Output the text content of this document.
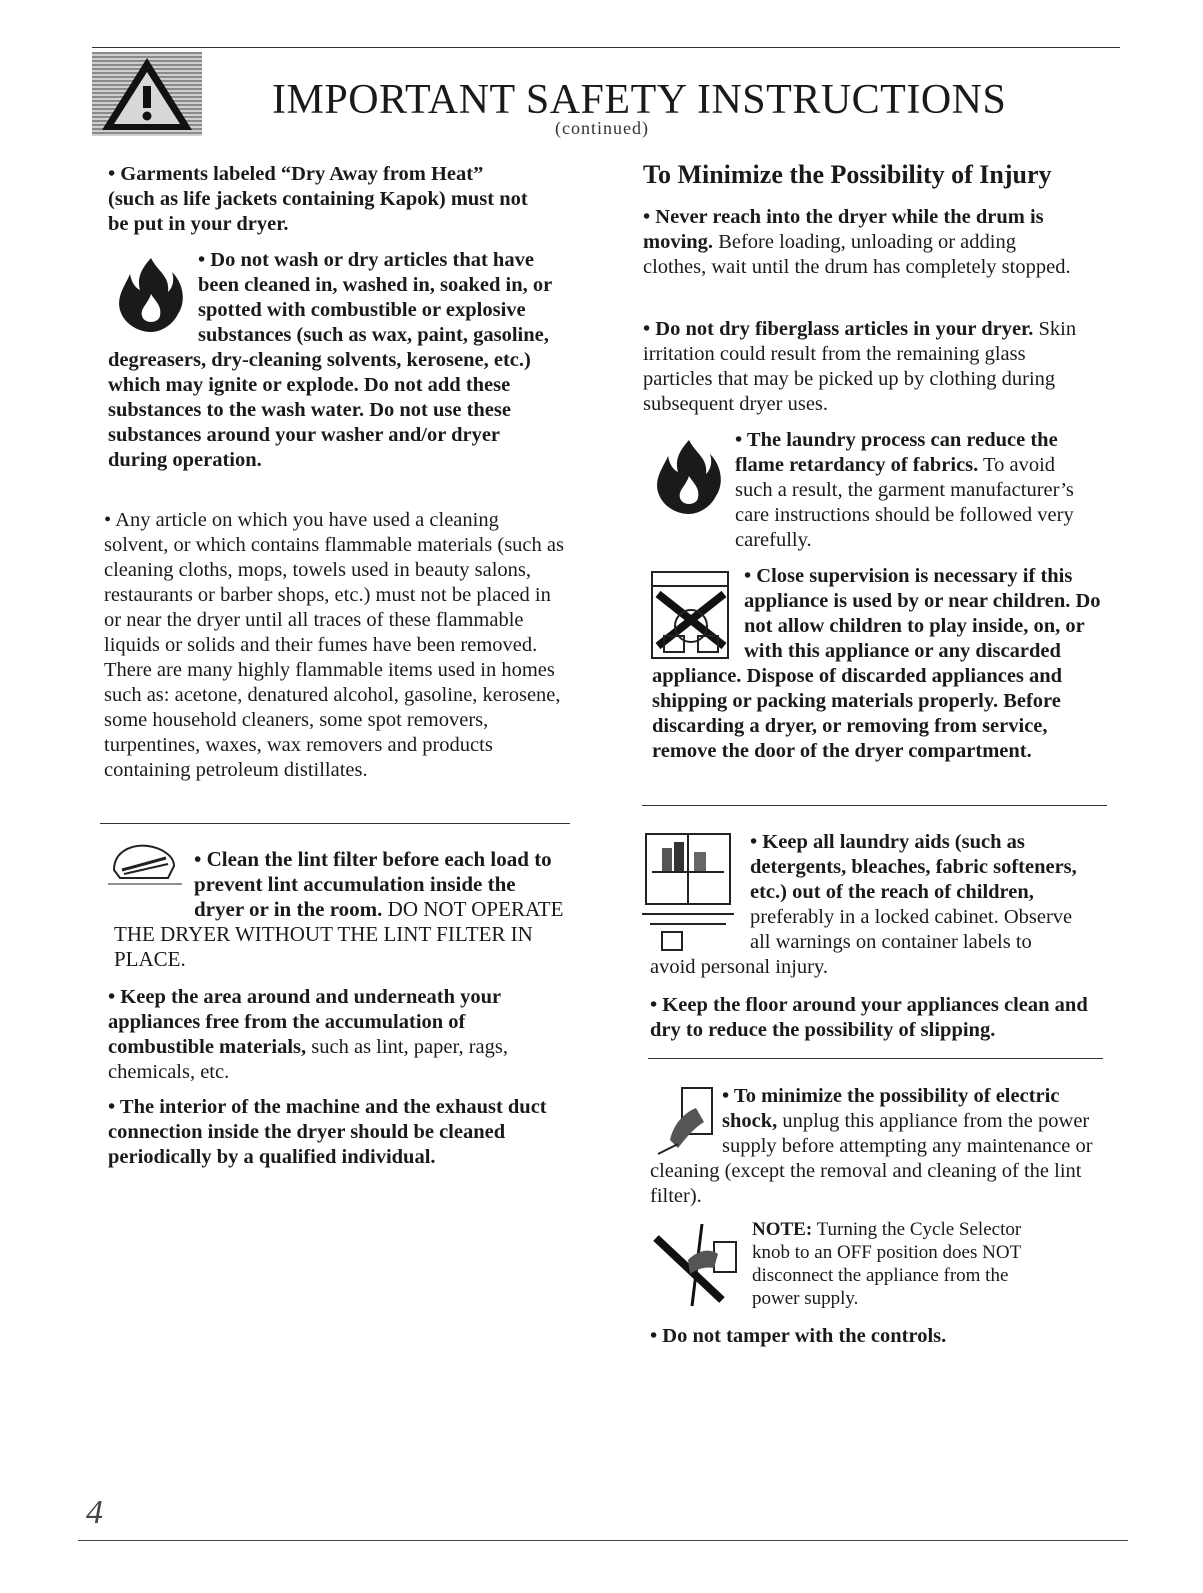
IMPORTANT SAFETY INSTRUCTIONS
(continued)
• Garments labeled “Dry Away from Heat” (such as life jackets containing Kapok) must not be put in your dryer.
• Do not wash or dry articles that have been cleaned in, washed in, soaked in, or spotted with combustible or explosive substances (such as wax, paint, gasoline, degreasers, dry-cleaning solvents, kerosene, etc.) which may ignite or explode. Do not add these substances to the wash water. Do not use these substances around your washer and/or dryer during operation.
• Any article on which you have used a cleaning solvent, or which contains flammable materials (such as cleaning cloths, mops, towels used in beauty salons, restaurants or barber shops, etc.) must not be placed in or near the dryer until all traces of these flammable liquids or solids and their fumes have been removed. There are many highly flammable items used in homes such as: acetone, denatured alcohol, gasoline, kerosene, some household cleaners, some spot removers, turpentines, waxes, wax removers and products containing petroleum distillates.
• Clean the lint filter before each load to prevent lint accumulation inside the dryer or in the room. DO NOT OPERATE THE DRYER WITHOUT THE LINT FILTER IN PLACE.
• Keep the area around and underneath your appliances free from the accumulation of combustible materials, such as lint, paper, rags, chemicals, etc.
• The interior of the machine and the exhaust duct connection inside the dryer should be cleaned periodically by a qualified individual.
To Minimize the Possibility of Injury
• Never reach into the dryer while the drum is moving. Before loading, unloading or adding clothes, wait until the drum has completely stopped.
• Do not dry fiberglass articles in your dryer. Skin irritation could result from the remaining glass particles that may be picked up by clothing during subsequent dryer uses.
• The laundry process can reduce the flame retardancy of fabrics. To avoid such a result, the garment manufacturer’s care instructions should be followed very carefully.
• Close supervision is necessary if this appliance is used by or near children. Do not allow children to play inside, on, or with this appliance or any discarded appliance. Dispose of discarded appliances and shipping or packing materials properly. Before discarding a dryer, or removing from service, remove the door of the dryer compartment.
• Keep all laundry aids (such as detergents, bleaches, fabric softeners, etc.) out of the reach of children, preferably in a locked cabinet. Observe all warnings on container labels to avoid personal injury.
• Keep the floor around your appliances clean and dry to reduce the possibility of slipping.
• To minimize the possibility of electric shock, unplug this appliance from the power supply before attempting any maintenance or cleaning (except the removal and cleaning of the lint filter).
NOTE: Turning the Cycle Selector knob to an OFF position does NOT disconnect the appliance from the power supply.
• Do not tamper with the controls.
4
